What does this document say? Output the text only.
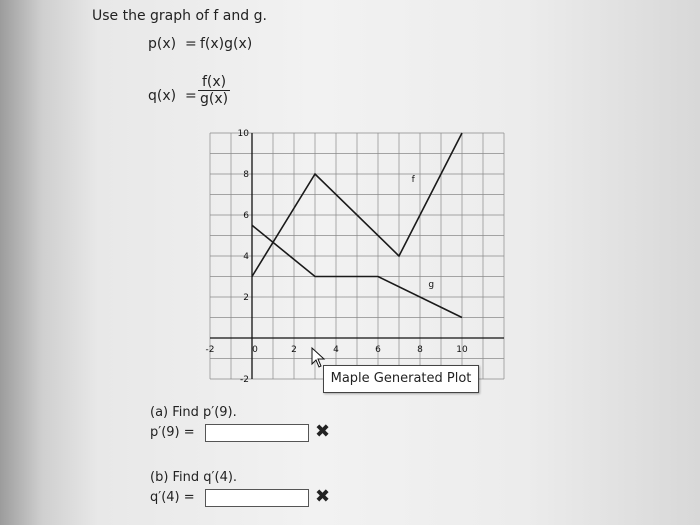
Use the graph of f and g.
p(x) = f(x)g(x)
$q(x) = \frac{f(x)}{g(x)}$
-2	0	2	4	6	8	10
10
8
6
4
2
-2
f
g
Maple Generated Plot
(a) Find p′(9).
p′(9) =	✖
(b) Find q′(4).
q′(4) =	✖
